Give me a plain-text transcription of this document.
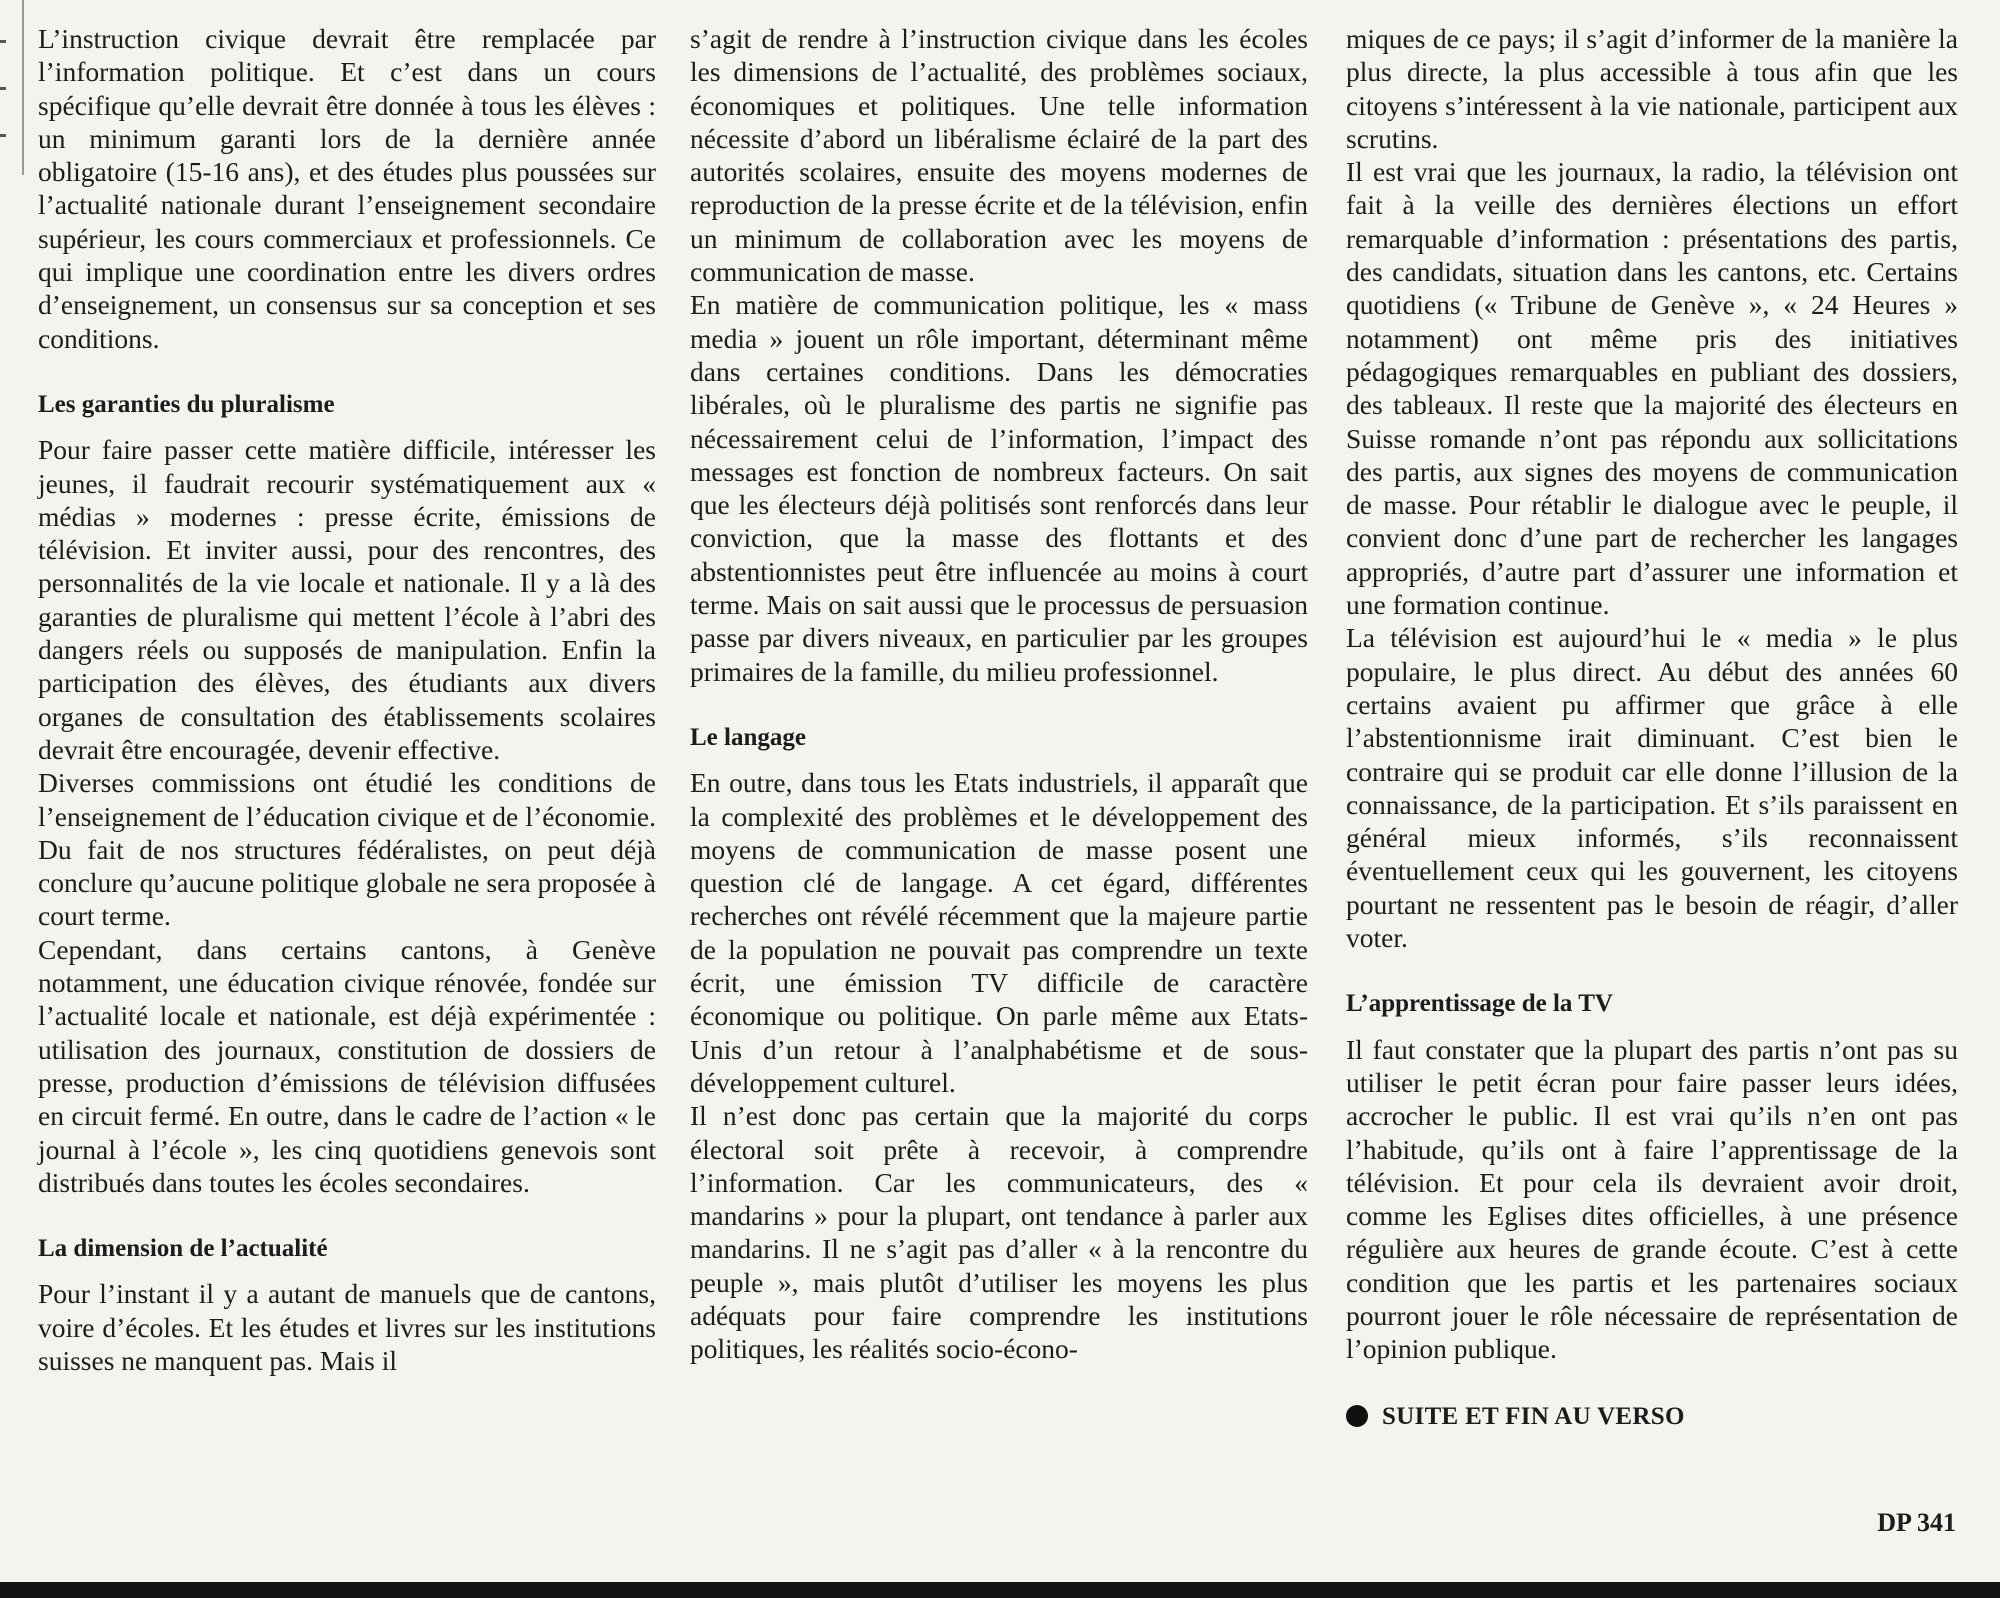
L’instruction civique devrait être remplacée par l’information politique. Et c’est dans un cours spécifique qu’elle devrait être donnée à tous les élèves : un minimum garanti lors de la dernière année obligatoire (15-16 ans), et des études plus poussées sur l’actualité nationale durant l’enseignement secondaire supérieur, les cours commerciaux et professionnels. Ce qui implique une coordination entre les divers ordres d’enseignement, un consensus sur sa conception et ses conditions.

Les garanties du pluralisme

Pour faire passer cette matière difficile, intéresser les jeunes, il faudrait recourir systématiquement aux « médias » modernes : presse écrite, émissions de télévision. Et inviter aussi, pour des rencontres, des personnalités de la vie locale et nationale. Il y a là des garanties de pluralisme qui mettent l’école à l’abri des dangers réels ou supposés de manipulation. Enfin la participation des élèves, des étudiants aux divers organes de consultation des établissements scolaires devrait être encouragée, devenir effective.

Diverses commissions ont étudié les conditions de l’enseignement de l’éducation civique et de l’économie. Du fait de nos structures fédéralistes, on peut déjà conclure qu’aucune politique globale ne sera proposée à court terme.

Cependant, dans certains cantons, à Genève notamment, une éducation civique rénovée, fondée sur l’actualité locale et nationale, est déjà expérimentée : utilisation des journaux, constitution de dossiers de presse, production d’émissions de télévision diffusées en circuit fermé. En outre, dans le cadre de l’action « le journal à l’école », les cinq quotidiens genevois sont distribués dans toutes les écoles secondaires.

La dimension de l’actualité

Pour l’instant il y a autant de manuels que de cantons, voire d’écoles. Et les études et livres sur les institutions suisses ne manquent pas. Mais il

s’agit de rendre à l’instruction civique dans les écoles les dimensions de l’actualité, des problèmes sociaux, économiques et politiques. Une telle information nécessite d’abord un libéralisme éclairé de la part des autorités scolaires, ensuite des moyens modernes de reproduction de la presse écrite et de la télévision, enfin un minimum de collaboration avec les moyens de communication de masse.

En matière de communication politique, les « mass media » jouent un rôle important, déterminant même dans certaines conditions. Dans les démocraties libérales, où le pluralisme des partis ne signifie pas nécessairement celui de l’information, l’impact des messages est fonction de nombreux facteurs. On sait que les électeurs déjà politisés sont renforcés dans leur conviction, que la masse des flottants et des abstentionnistes peut être influencée au moins à court terme. Mais on sait aussi que le processus de persuasion passe par divers niveaux, en particulier par les groupes primaires de la famille, du milieu professionnel.

Le langage

En outre, dans tous les Etats industriels, il apparaît que la complexité des problèmes et le développement des moyens de communication de masse posent une question clé de langage. A cet égard, différentes recherches ont révélé récemment que la majeure partie de la population ne pouvait pas comprendre un texte écrit, une émission TV difficile de caractère économique ou politique. On parle même aux Etats-Unis d’un retour à l’analphabétisme et de sous-développement culturel.

Il n’est donc pas certain que la majorité du corps électoral soit prête à recevoir, à comprendre l’information. Car les communicateurs, des « mandarins » pour la plupart, ont tendance à parler aux mandarins. Il ne s’agit pas d’aller « à la rencontre du peuple », mais plutôt d’utiliser les moyens les plus adéquats pour faire comprendre les institutions politiques, les réalités socio-écono-

miques de ce pays; il s’agit d’informer de la manière la plus directe, la plus accessible à tous afin que les citoyens s’intéressent à la vie nationale, participent aux scrutins.

Il est vrai que les journaux, la radio, la télévision ont fait à la veille des dernières élections un effort remarquable d’information : présentations des partis, des candidats, situation dans les cantons, etc. Certains quotidiens (« Tribune de Genève », « 24 Heures » notamment) ont même pris des initiatives pédagogiques remarquables en publiant des dossiers, des tableaux. Il reste que la majorité des électeurs en Suisse romande n’ont pas répondu aux sollicitations des partis, aux signes des moyens de communication de masse. Pour rétablir le dialogue avec le peuple, il convient donc d’une part de rechercher les langages appropriés, d’autre part d’assurer une information et une formation continue.

La télévision est aujourd’hui le « media » le plus populaire, le plus direct. Au début des années 60 certains avaient pu affirmer que grâce à elle l’abstentionnisme irait diminuant. C’est bien le contraire qui se produit car elle donne l’illusion de la connaissance, de la participation. Et s’ils paraissent en général mieux informés, s’ils reconnaissent éventuellement ceux qui les gouvernent, les citoyens pourtant ne ressentent pas le besoin de réagir, d’aller voter.

L’apprentissage de la TV

Il faut constater que la plupart des partis n’ont pas su utiliser le petit écran pour faire passer leurs idées, accrocher le public. Il est vrai qu’ils n’en ont pas l’habitude, qu’ils ont à faire l’apprentissage de la télévision. Et pour cela ils devraient avoir droit, comme les Eglises dites officielles, à une présence régulière aux heures de grande écoute. C’est à cette condition que les partis et les partenaires sociaux pourront jouer le rôle nécessaire de représentation de l’opinion publique.

SUITE ET FIN AU VERSO
DP 341
